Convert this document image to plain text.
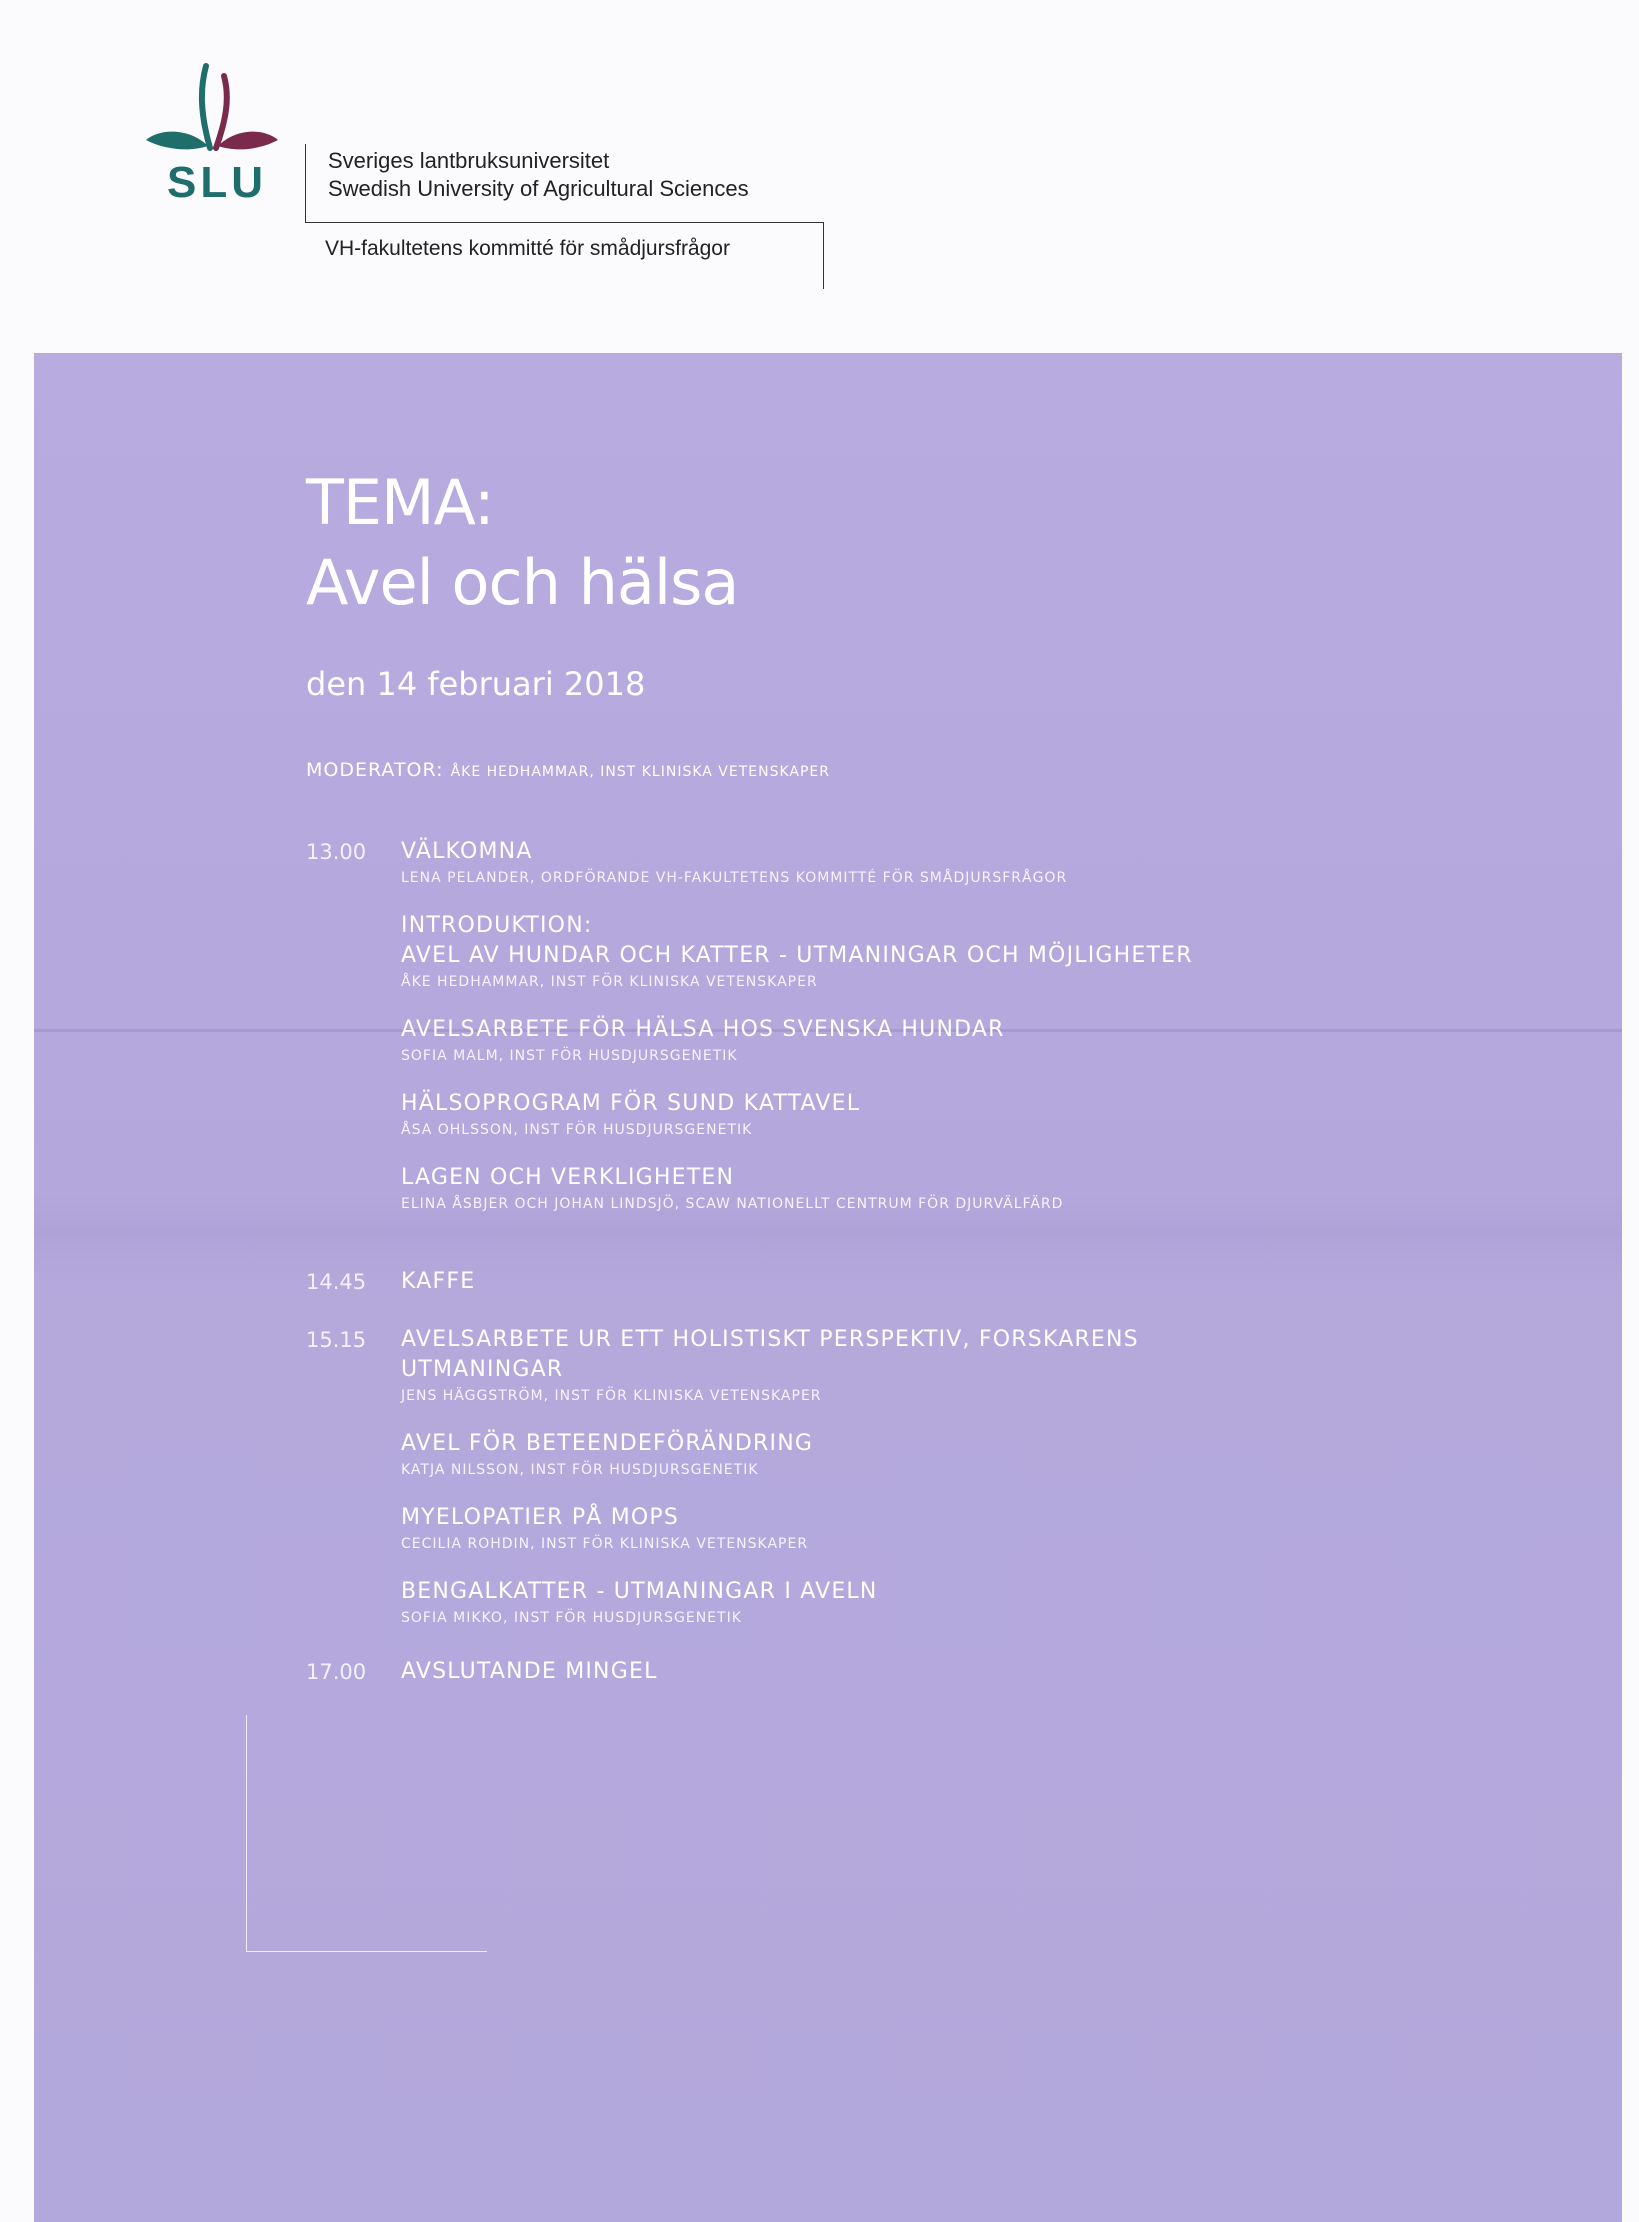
SLU	Sveriges lantbruksuniversitet
Swedish University of Agricultural Sciences
VH-fakultetens kommitté för smådjursfrågor
TEMA:
Avel och hälsa
den 14 februari 2018
MODERATOR: ÅKE HEDHAMMAR, INST KLINISKA VETENSKAPER
13.00	VÄLKOMNA
LENA PELANDER, ORDFÖRANDE VH-FAKULTETENS KOMMITTÉ FÖR SMÅDJURSFRÅGOR
INTRODUKTION:
AVEL AV HUNDAR OCH KATTER - UTMANINGAR OCH MÖJLIGHETER
ÅKE HEDHAMMAR, INST FÖR KLINISKA VETENSKAPER
AVELSARBETE FÖR HÄLSA HOS SVENSKA HUNDAR
SOFIA MALM, INST FÖR HUSDJURSGENETIK
HÄLSOPROGRAM FÖR SUND KATTAVEL
ÅSA OHLSSON, INST FÖR HUSDJURSGENETIK
LAGEN OCH VERKLIGHETEN
ELINA ÅSBJER OCH JOHAN LINDSJÖ, SCAW NATIONELLT CENTRUM FÖR DJURVÄLFÄRD
14.45	KAFFE
15.15	AVELSARBETE UR ETT HOLISTISKT PERSPEKTIV, FORSKARENS UTMANINGAR
JENS HÄGGSTRÖM, INST FÖR KLINISKA VETENSKAPER
AVEL FÖR BETEENDEFÖRÄNDRING
KATJA NILSSON, INST FÖR HUSDJURSGENETIK
MYELOPATIER PÅ MOPS
CECILIA ROHDIN, INST FÖR KLINISKA VETENSKAPER
BENGALKATTER - UTMANINGAR I AVELN
SOFIA MIKKO, INST FÖR HUSDJURSGENETIK
17.00	AVSLUTANDE MINGEL
